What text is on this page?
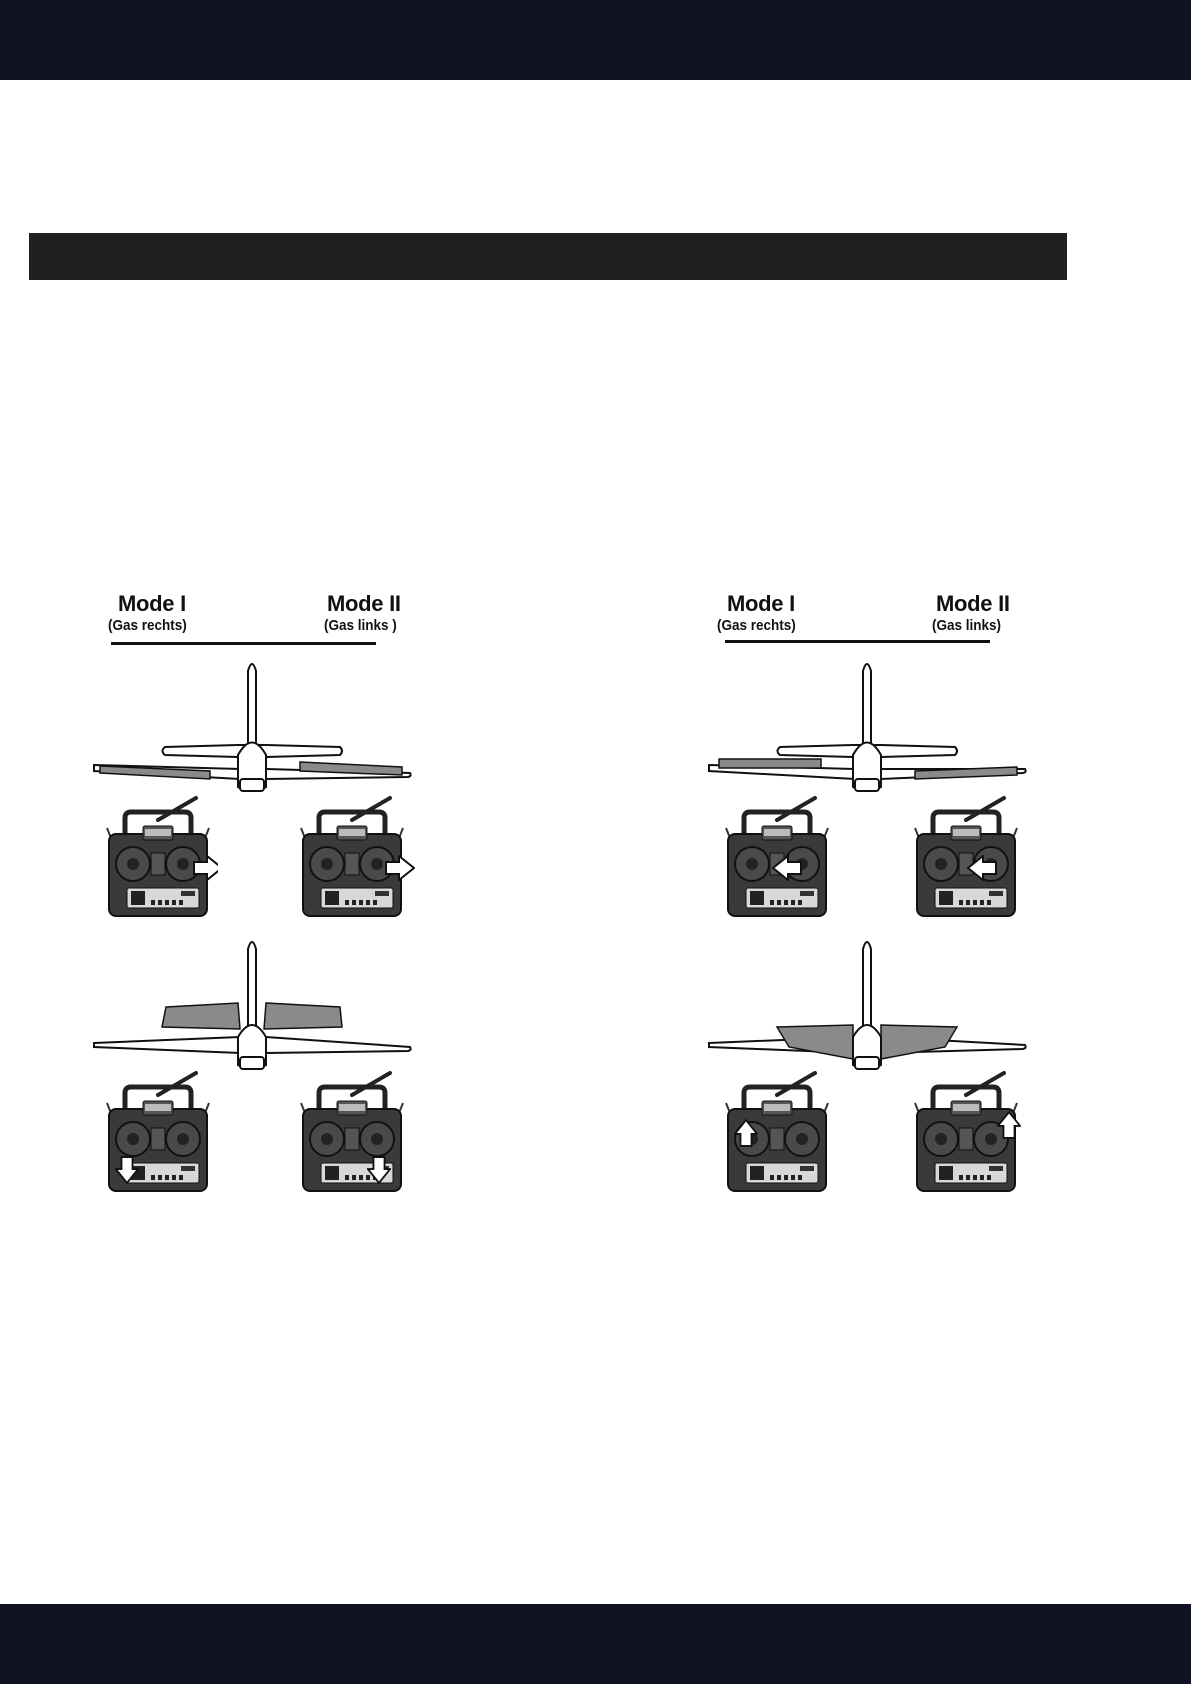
Mode I
(Gas rechts)
Mode II
(Gas links )
Mode I
(Gas rechts)
Mode II
(Gas links)
